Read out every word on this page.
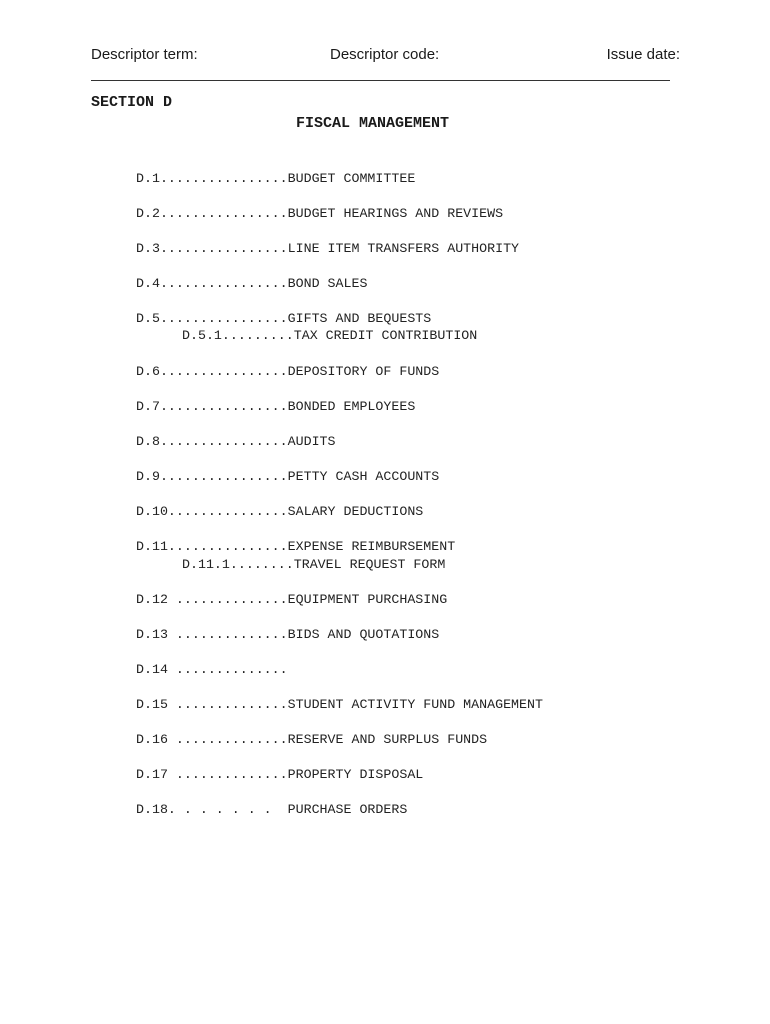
Descriptor term:	Descriptor code:	Issue date:
SECTION D
FISCAL MANAGEMENT
D.1................BUDGET COMMITTEE
D.2................BUDGET HEARINGS AND REVIEWS
D.3................LINE ITEM TRANSFERS AUTHORITY
D.4................BOND SALES
D.5................GIFTS AND BEQUESTS
D.5.1.........TAX CREDIT CONTRIBUTION
D.6................DEPOSITORY OF FUNDS
D.7................BONDED EMPLOYEES
D.8................AUDITS
D.9................PETTY CASH ACCOUNTS
D.10...............SALARY DEDUCTIONS
D.11...............EXPENSE REIMBURSEMENT
D.11.1........TRAVEL REQUEST FORM
D.12 ..............EQUIPMENT PURCHASING
D.13 ..............BIDS AND QUOTATIONS
D.14 ..............
D.15 ..............STUDENT ACTIVITY FUND MANAGEMENT
D.16 ..............RESERVE AND SURPLUS FUNDS
D.17 ..............PROPERTY DISPOSAL
D.18. . . . . . .  PURCHASE ORDERS
